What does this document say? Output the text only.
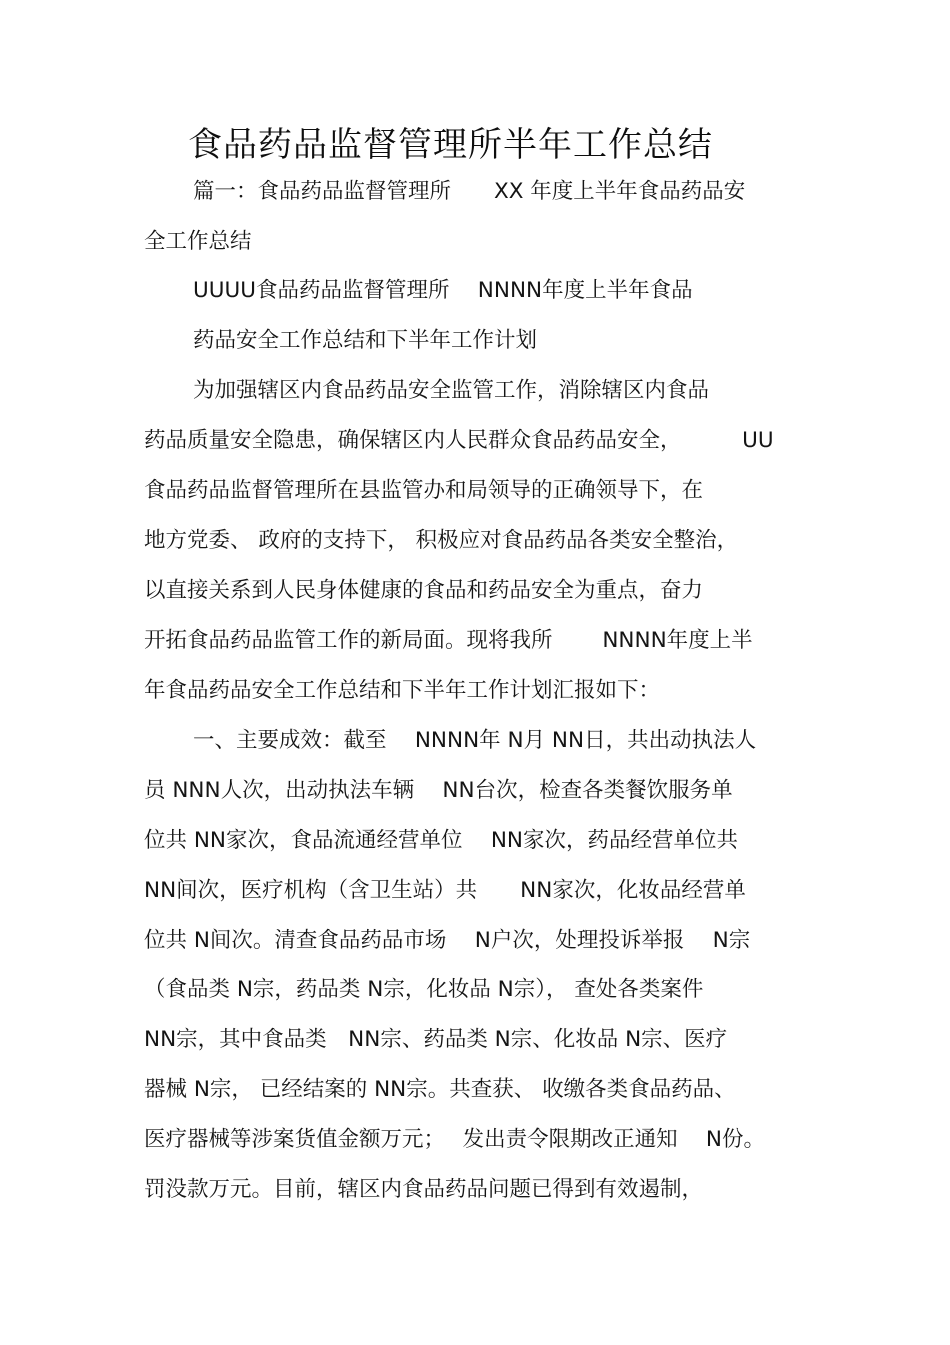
食品药品监督管理所半年工作总结
篇一：食品药品监督管理所　　XX 年度上半年食品药品安
全工作总结
UUUU食品药品监督管理所　 NNNN年度上半年食品
药品安全工作总结和下半年工作计划
为加强辖区内食品药品安全监管工作，消除辖区内食品
药品质量安全隐患，确保辖区内人民群众食品药品安全，　　　 UU
食品药品监督管理所在县监管办和局领导的正确领导下，在
地方党委、 政府的支持下， 积极应对食品药品各类安全整治，
以直接关系到人民身体健康的食品和药品安全为重点，奋力
开拓食品药品监管工作的新局面。现将我所　　 NNNN年度上半
年食品药品安全工作总结和下半年工作计划汇报如下：
一、主要成效：截至　 NNNN年 N月 NN日，共出动执法人
员 NNN人次，出动执法车辆　 NN台次，检查各类餐饮服务单
位共 NN家次，食品流通经营单位　 NN家次，药品经营单位共
NN间次，医疗机构（含卫生站）共　　NN家次，化妆品经营单
位共 N间次。清查食品药品市场　 N户次，处理投诉举报　 N宗
（食品类 N宗，药品类 N宗，化妆品 N宗）， 查处各类案件
NN宗，其中食品类　NN宗、药品类 N宗、化妆品 N宗、医疗
器械 N宗， 已经结案的 NN宗。共查获、 收缴各类食品药品、
医疗器械等涉案货值金额万元；　 发出责令限期改正通知　 N份。
罚没款万元。目前，辖区内食品药品问题已得到有效遏制，
